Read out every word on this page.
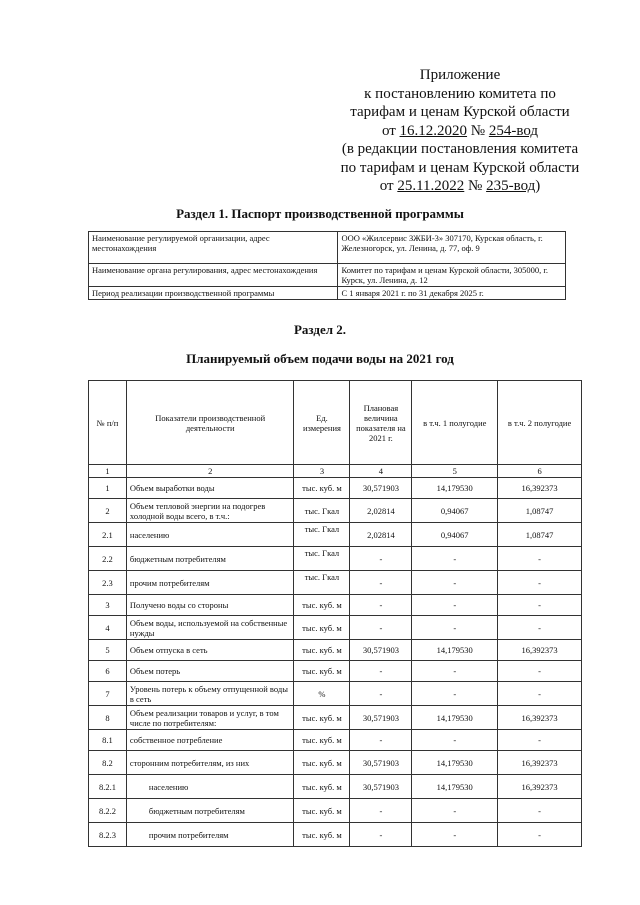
Приложение
к постановлению комитета по
тарифам и ценам Курской области
от 16.12.2020 № 254-вод
(в редакции постановления комитета
по тарифам и ценам Курской области
от 25.11.2022 № 235-вод)
Раздел 1. Паспорт производственной программы
Наименование регулируемой организации, адрес местонахождения	ООО «Жилсервис ЗЖБИ-3» 307170, Курская область, г. Железногорск, ул. Ленина, д. 77, оф. 9
Наименование органа регулирования, адрес местонахождения	Комитет по тарифам и ценам Курской области, 305000, г. Курск, ул. Ленина, д. 12
Период реализации производственной программы	С 1 января 2021 г. по 31 декабря 2025 г.
Раздел 2.
Планируемый объем подачи воды на 2021 год
№ п/п	Показатели производственной деятельности	Ед. измерения	Плановая величина показателя на 2021 г.	в т.ч. 1 полугодие	в т.ч. 2 полугодие
1	2	3	4	5	6
1	Объем выработки воды	тыс. куб. м	30,571903	14,179530	16,392373
2	Объем тепловой энергии на подогрев холодной воды всего, в т.ч.:	тыс. Гкал	2,02814	0,94067	1,08747
2.1	населению	тыс. Гкал	2,02814	0,94067	1,08747
2.2	бюджетным потребителям	тыс. Гкал	-	-	-
2.3	прочим потребителям	тыс. Гкал	-	-	-
3	Получено воды со стороны	тыс. куб. м	-	-	-
4	Объем воды, используемой на собственные нужды	тыс. куб. м	-	-	-
5	Объем отпуска в сеть	тыс. куб. м	30,571903	14,179530	16,392373
6	Объем потерь	тыс. куб. м	-	-	-
7	Уровень потерь к объему отпущенной воды в сеть	%	-	-	-
8	Объем реализации товаров и услуг, в том числе по потребителям:	тыс. куб. м	30,571903	14,179530	16,392373
8.1	собственное потребление	тыс. куб. м	-	-	-
8.2	сторонним потребителям, из них	тыс. куб. м	30,571903	14,179530	16,392373
8.2.1	населению	тыс. куб. м	30,571903	14,179530	16,392373
8.2.2	бюджетным потребителям	тыс. куб. м	-	-	-
8.2.3	прочим потребителям	тыс. куб. м	-	-	-
